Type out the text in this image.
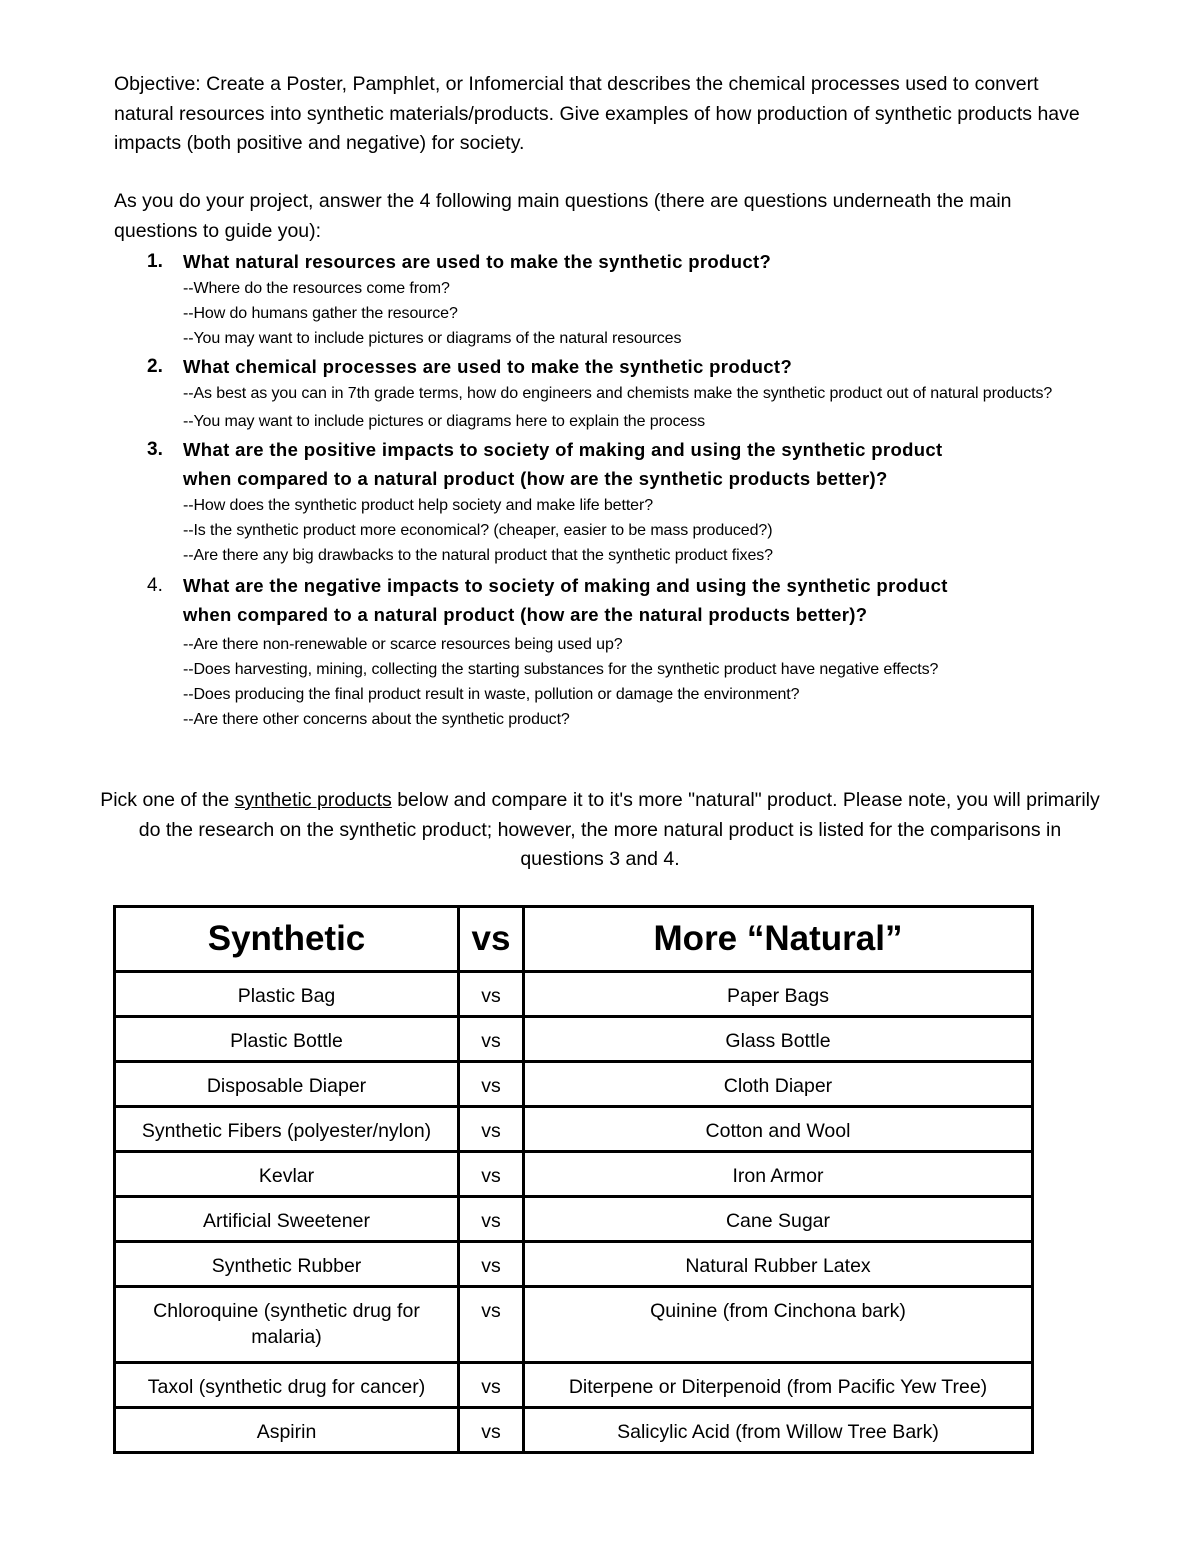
Objective: Create a Poster, Pamphlet, or Infomercial that describes the chemical processes used to convert natural resources into synthetic materials/products. Give examples of how production of synthetic products have impacts (both positive and negative) for society.

As you do your project, answer the 4 following main questions (there are questions underneath the main questions to guide you):

1. What natural resources are used to make the synthetic product?

--Where do the resources come from?

--How do humans gather the resource?

--You may want to include pictures or diagrams of the natural resources

2. What chemical processes are used to make the synthetic product?

--As best as you can in 7th grade terms, how do engineers and chemists make the synthetic product out of natural products?

--You may want to include pictures or diagrams here to explain the process

3. What are the positive impacts to society of making and using the synthetic product

when compared to a natural product (how are the synthetic products better)?

--How does the synthetic product help society and make life better?

--Is the synthetic product more economical? (cheaper, easier to be mass produced?)

--Are there any big drawbacks to the natural product that the synthetic product fixes?

4. What are the negative impacts to society of making and using the synthetic product

when compared to a natural product (how are the natural products better)?

--Are there non-renewable or scarce resources being used up?

--Does harvesting, mining, collecting the starting substances for the synthetic product have negative effects?

--Does producing the final product result in waste, pollution or damage the environment?

--Are there other concerns about the synthetic product?

Pick one of the synthetic products below and compare it to it's more "natural" product. Please note, you will primarily do the research on the synthetic product; however, the more natural product is listed for the comparisons in questions 3 and 4.

Synthetic	vs	More “Natural”
Plastic Bag	vs	Paper Bags
Plastic Bottle	vs	Glass Bottle
Disposable Diaper	vs	Cloth Diaper
Synthetic Fibers (polyester/nylon)	vs	Cotton and Wool
Kevlar	vs	Iron Armor
Artificial Sweetener	vs	Cane Sugar
Synthetic Rubber	vs	Natural Rubber Latex
Chloroquine (synthetic drug for malaria)	vs	Quinine (from Cinchona bark)
Taxol (synthetic drug for cancer)	vs	Diterpene or Diterpenoid (from Pacific Yew Tree)
Aspirin	vs	Salicylic Acid (from Willow Tree Bark)
